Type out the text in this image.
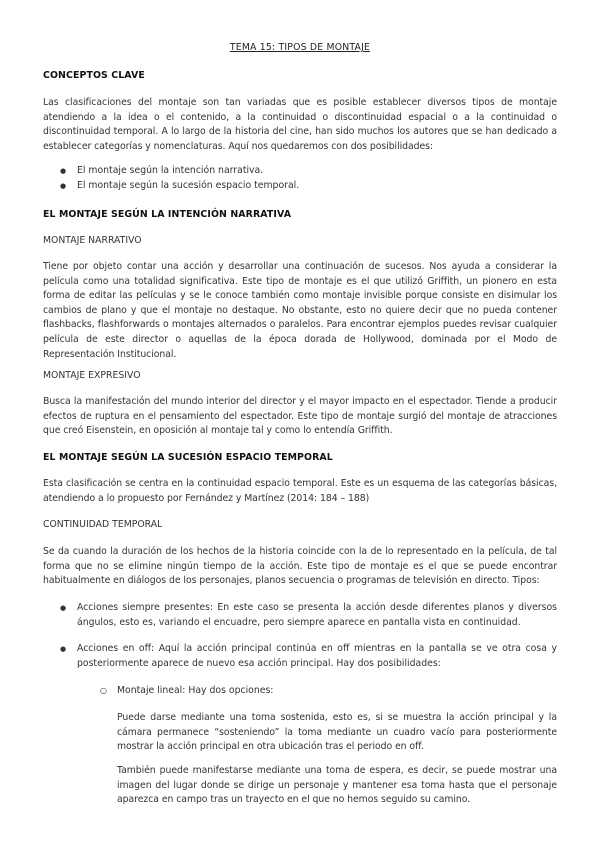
TEMA 15: TIPOS DE MONTAJE

CONCEPTOS CLAVE

Las clasificaciones del montaje son tan variadas que es posible establecer diversos tipos de montaje atendiendo a la idea o el contenido, a la continuidad o discontinuidad espacial o a la continuidad o discontinuidad temporal. A lo largo de la historia del cine, han sido muchos los autores que se han dedicado a establecer categorías y nomenclaturas. Aquí nos quedaremos con dos posibilidades:

● El montaje según la intención narrativa.
● El montaje según la sucesión espacio temporal.

EL MONTAJE SEGÚN LA INTENCIÓN NARRATIVA

MONTAJE NARRATIVO

Tiene por objeto contar una acción y desarrollar una continuación de sucesos. Nos ayuda a considerar la película como una totalidad significativa. Este tipo de montaje es el que utilizó Griffith, un pionero en esta forma de editar las películas y se le conoce también como montaje invisible porque consiste en disimular los cambios de plano y que el montaje no destaque. No obstante, esto no quiere decir que no pueda contener flashbacks, flashforwards o montajes alternados o paralelos. Para encontrar ejemplos puedes revisar cualquier película de este director o aquellas de la época dorada de Hollywood, dominada por el Modo de Representación Institucional.

MONTAJE EXPRESIVO

Busca la manifestación del mundo interior del director y el mayor impacto en el espectador. Tiende a producir efectos de ruptura en el pensamiento del espectador. Este tipo de montaje surgió del montaje de atracciones que creó Eisenstein, en oposición al montaje tal y como lo entendía Griffith.

EL MONTAJE SEGÚN LA SUCESIÓN ESPACIO TEMPORAL

Esta clasificación se centra en la continuidad espacio temporal. Este es un esquema de las categorías básicas, atendiendo a lo propuesto por Fernández y Martínez (2014: 184 – 188)

CONTINUIDAD TEMPORAL

Se da cuando la duración de los hechos de la historia coincide con la de lo representado en la película, de tal forma que no se elimine ningún tiempo de la acción. Este tipo de montaje es el que se puede encontrar habitualmente en diálogos de los personajes, planos secuencia o programas de televisión en directo. Tipos:

● Acciones siempre presentes: En este caso se presenta la acción desde diferentes planos y diversos ángulos, esto es, variando el encuadre, pero siempre aparece en pantalla vista en continuidad.
● Acciones en off: Aquí la acción principal continúa en off mientras en la pantalla se ve otra cosa y posteriormente aparece de nuevo esa acción principal. Hay dos posibilidades:
○ Montaje lineal: Hay dos opciones:

Puede darse mediante una toma sostenida, esto es, si se muestra la acción principal y la cámara permanece “sosteniendo” la toma mediante un cuadro vacío para posteriormente mostrar la acción principal en otra ubicación tras el periodo en off.

También puede manifestarse mediante una toma de espera, es decir, se puede mostrar una imagen del lugar donde se dirige un personaje y mantener esa toma hasta que el personaje aparezca en campo tras un trayecto en el que no hemos seguido su camino.
